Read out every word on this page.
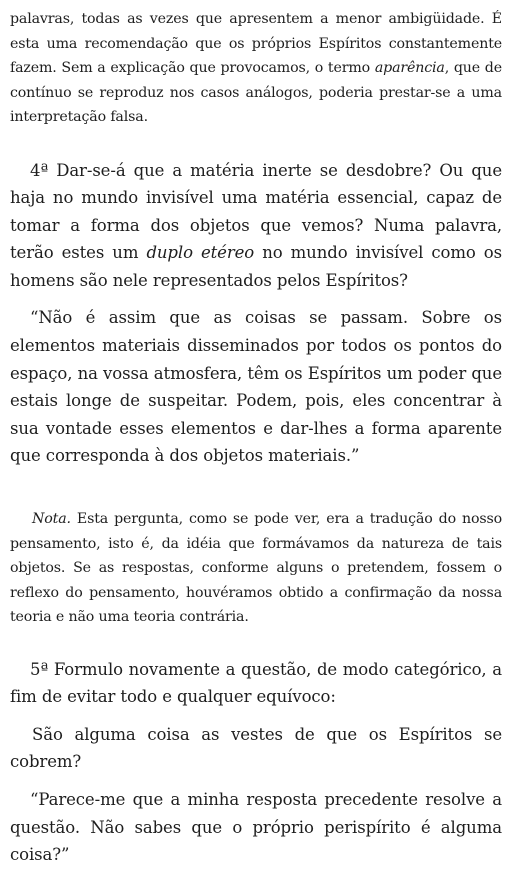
palavras, todas as vezes que apresentem a menor ambigüidade. É esta uma recomendação que os próprios Espíritos constantemente fazem. Sem a explicação que provocamos, o termo aparência, que de contínuo se reproduz nos casos análogos, poderia prestar-se a uma interpretação falsa.

4ª Dar-se-á que a matéria inerte se desdobre? Ou que haja no mundo invisível uma matéria essencial, capaz de tomar a forma dos objetos que vemos? Numa palavra, terão estes um duplo etéreo no mundo invisível como os homens são nele representados pelos Espíritos?

“Não é assim que as coisas se passam. Sobre os elementos materiais disseminados por todos os pontos do espaço, na vossa atmosfera, têm os Espíritos um poder que estais longe de suspeitar. Podem, pois, eles concentrar à sua vontade esses elementos e dar-lhes a forma aparente que corresponda à dos objetos materiais.”

Nota. Esta pergunta, como se pode ver, era a tradução do nosso pensamento, isto é, da idéia que formávamos da natureza de tais objetos. Se as respostas, conforme alguns o pretendem, fossem o reflexo do pensamento, houvéramos obtido a confirmação da nossa teoria e não uma teoria contrária.

5ª Formulo novamente a questão, de modo categórico, a fim de evitar todo e qualquer equívoco:

São alguma coisa as vestes de que os Espíritos se cobrem?

“Parece-me que a minha resposta precedente resolve a questão. Não sabes que o próprio perispírito é alguma coisa?”
